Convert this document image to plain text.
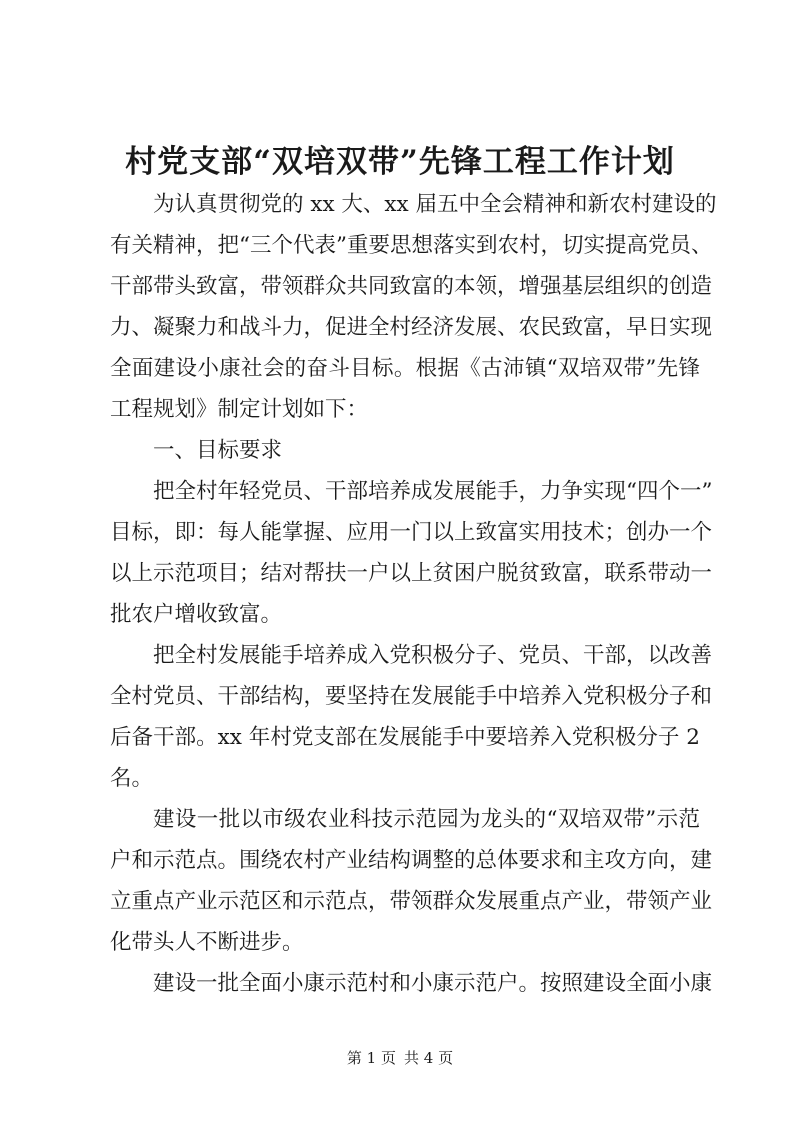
村党支部“双培双带”先锋工程工作计划

为认真贯彻党的 xx 大、xx 届五中全会精神和新农村建设的
有关精神，把“三个代表”重要思想落实到农村，切实提高党员、
干部带头致富，带领群众共同致富的本领，增强基层组织的创造
力、凝聚力和战斗力，促进全村经济发展、农民致富，早日实现
全面建设小康社会的奋斗目标。根据《古沛镇“双培双带”先锋
工程规划》制定计划如下：

一、目标要求

把全村年轻党员、干部培养成发展能手，力争实现“四个一”
目标，即：每人能掌握、应用一门以上致富实用技术；创办一个
以上示范项目；结对帮扶一户以上贫困户脱贫致富，联系带动一
批农户增收致富。

把全村发展能手培养成入党积极分子、党员、干部，以改善
全村党员、干部结构，要坚持在发展能手中培养入党积极分子和
后备干部。xx 年村党支部在发展能手中要培养入党积极分子 2
名。

建设一批以市级农业科技示范园为龙头的“双培双带”示范
户和示范点。围绕农村产业结构调整的总体要求和主攻方向，建
立重点产业示范区和示范点，带领群众发展重点产业，带领产业
化带头人不断进步。

建设一批全面小康示范村和小康示范户。按照建设全面小康

第 1 页 共 4 页
